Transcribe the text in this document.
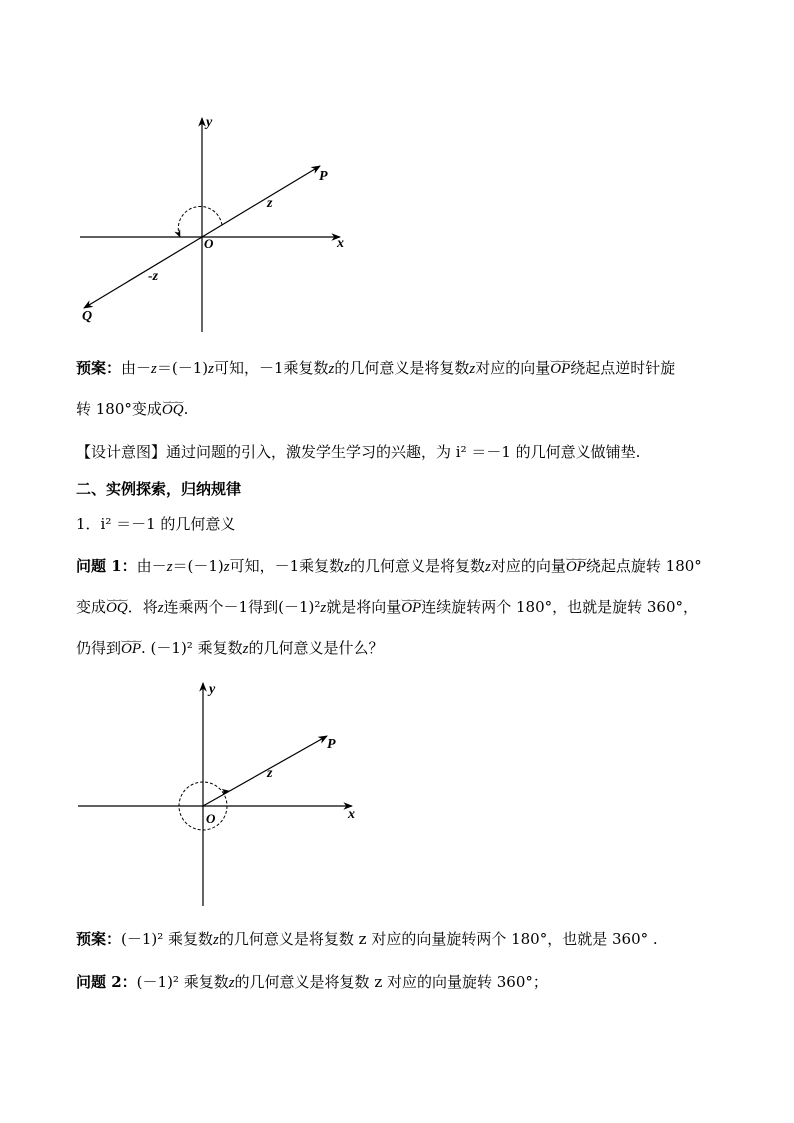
y
x
O
P
Q
z
-z
预案：由－z＝(－1)z可知，－1乘复数z的几何意义是将复数z对应的向量‿‿‿ OP绕起点逆时针旋
转 180°变成‿‿‿ OQ.
【设计意图】通过问题的引入，激发学生学习的兴趣，为 i² ＝－1 的几何意义做铺垫.
二、实例探索，归纳规律
1．i² ＝－1 的几何意义
问题 1：由－z＝(－1)z可知，－1乘复数z的几何意义是将复数z对应的向量‿‿‿ OP绕起点旋转 180°
变成‿‿‿ OQ．将z连乘两个－1得到(－1)²z就是将向量‿‿‿ OP连续旋转两个 180°，也就是旋转 360°，
仍得到‿‿‿ OP. (－1)² 乘复数z的几何意义是什么？
y
x
O
P
z
预案：(－1)² 乘复数z的几何意义是将复数 z 对应的向量旋转两个 180°，也就是 360° .
问题 2：(－1)² 乘复数z的几何意义是将复数 z 对应的向量旋转 360°；
